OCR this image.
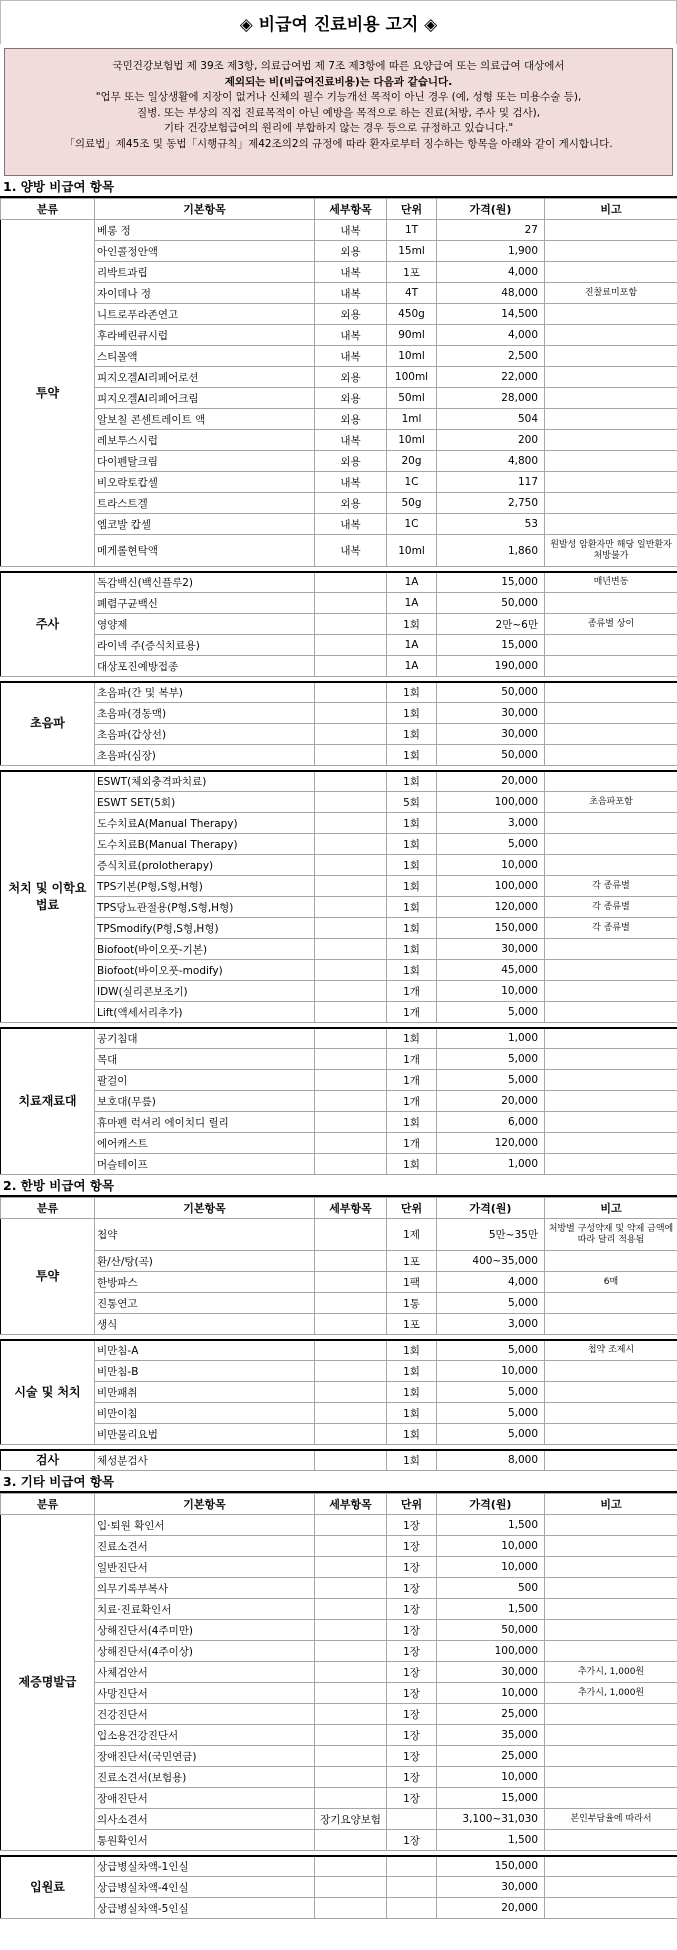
◈ 비급여 진료비용 고지 ◈
국민건강보험법 제 39조 제3항, 의료급여법 제 7조 제3항에 따른 요양급여 또는 의료급여 대상에서
제외되는 비(비급여진료비용)는 다음과 같습니다.
"업무 또는 일상생활에 지장이 없거나 신체의 필수 기능개선 목적이 아닌 경우 (예, 성형 또는 미용수술 등),
질병. 또는 부상의 직접 진료목적이 아닌 예방을 목적으로 하는 진료(처방, 주사 및 검사),
기타 건강보험급여의 원리에 부합하지 않는 경우 등으로 규정하고 있습니다."
「의료법」제45조 및 동법「시행규칙」제42조의2의 규정에 따라 환자로부터 징수하는 항목을 아래와 같이 게시합니다.
1. 양방 비급여 항목
분류	기본항목	세부항목	단위	가격(원)	비고
투약	베롱 정	내복	1T	27	
	아인콜정안액	외용	15ml	1,900	
	리박트과립	내복	1포	4,000	
	자이데나 정	내복	4T	48,000	진찰료미포함
	니트로푸라존연고	외용	450g	14,500	
	후라베린큐시럽	내복	90ml	4,000	
	스티몰액	내복	10ml	2,500	
	피지오겔AI리페어로션	외용	100ml	22,000	
	피지오겔AI리페어크림	외용	50ml	28,000	
	알보칠 콘센트레이트 액	외용	1ml	504	
	레보투스시럽	내복	10ml	200	
	다이펜탈크림	외용	20g	4,800	
	비오락토캅셀	내복	1C	117	
	트라스트겔	외용	50g	2,750	
	엠코발 캅셀	내복	1C	53	
	메게롤현탁액	내복	10ml	1,860	원발성 암환자만 해당 일반환자 처방불가

주사	독감백신(백신플루2)		1A	15,000	매년변동
	폐렴구균백신		1A	50,000	
	영양제		1회	2만~6만	종류별 상이
	라이넥 주(증식치료용)		1A	15,000	
	대상포진예방접종		1A	190,000	

초음파	초음파(간 및 복부)		1회	50,000	
	초음파(경동맥)		1회	30,000	
	초음파(갑상선)		1회	30,000	
	초음파(심장)		1회	50,000	

처치 및 이학요법료	ESWT(체외충격파치료)		1회	20,000	
	ESWT SET(5회)		5회	100,000	초음파포함
	도수치료A(Manual Therapy)		1회	3,000	
	도수치료B(Manual Therapy)		1회	5,000	
	증식치료(prolotherapy)		1회	10,000	
	TPS기본(P형,S형,H형)		1회	100,000	각 종류별
	TPS당뇨관절용(P형,S형,H형)		1회	120,000	각 종류별
	TPSmodify(P형,S형,H형)		1회	150,000	각 종류별
	Biofoot(바이오풋-기본)		1회	30,000	
	Biofoot(바이오풋-modify)		1회	45,000	
	IDW(실리콘보조기)		1개	10,000	
	Lift(액세서리추가)		1개	5,000	

치료재료대	공기침대		1회	1,000	
	목대		1개	5,000	
	팔걸이		1개	5,000	
	보호대(무릎)		1개	20,000	
	휴마펜 럭셔리 에이치디 릴리		1회	6,000	
	에어캐스트		1개	120,000	
	머슬테이프		1회	1,000	
2. 한방 비급여 항목
분류	기본항목	세부항목	단위	가격(원)	비고
투약	첩약		1제	5만~35만	처방별 구성약재 및 약제 금액에 따라 달리 적용됨
	환/산/탕(곡)		1포	400~35,000	
	한방파스		1팩	4,000	6매
	진통연고		1통	5,000	
	생식		1포	3,000	

시술 및 처치	비만침-A		1회	5,000	첩약 조제시
	비만침-B		1회	10,000	
	비만패취		1회	5,000	
	비만이침		1회	5,000	
	비만물리요법		1회	5,000	

검사	체성분검사		1회	8,000	
3. 기타 비급여 항목
분류	기본항목	세부항목	단위	가격(원)	비고
제증명발급	입·퇴원 확인서		1장	1,500	
	진료소견서		1장	10,000	
	일반진단서		1장	10,000	
	의무기록부복사		1장	500	
	치료·진료확인서		1장	1,500	
	상해진단서(4주미만)		1장	50,000	
	상해진단서(4주이상)		1장	100,000	
	사체검안서		1장	30,000	추가시, 1,000원
	사망진단서		1장	10,000	추가시, 1,000원
	건강진단서		1장	25,000	
	입소용건강진단서		1장	35,000	
	장애진단서(국민연금)		1장	25,000	
	진료소견서(보험용)		1장	10,000	
	장애진단서		1장	15,000	
	의사소견서	장기요양보험		3,100~31,030	본인부담율에 따라서
	통원확인서		1장	1,500	

입원료	상급병실차액-1인실			150,000	
	상급병실차액-4인실			30,000	
	상급병실차액-5인실			20,000	
